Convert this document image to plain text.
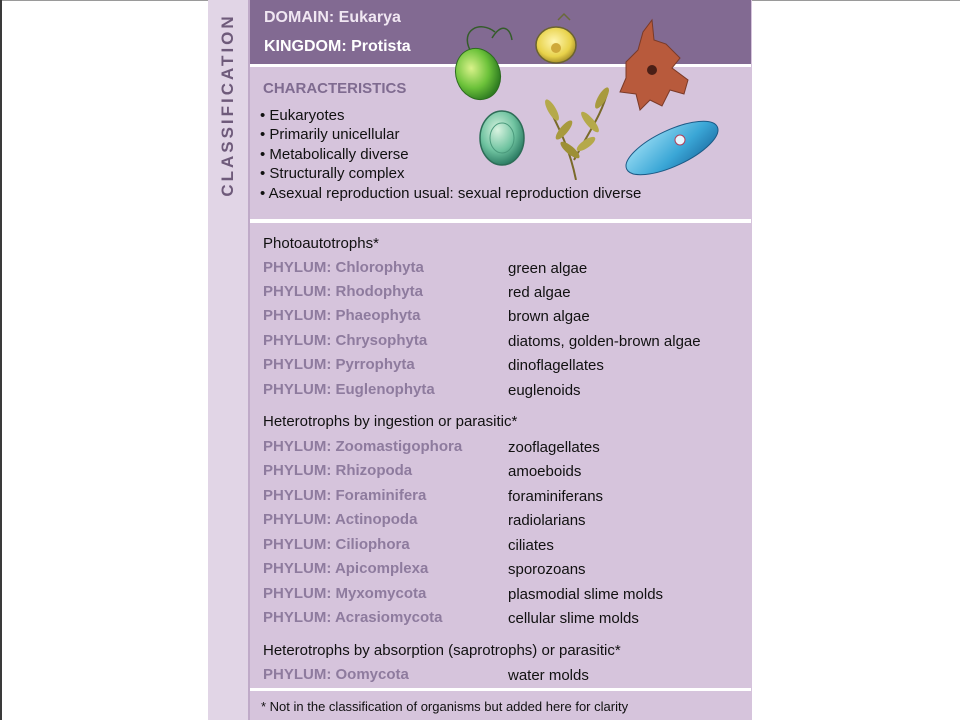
CLASSIFICATION DOMAIN: Eukarya
KINGDOM: Protista
CHARACTERISTICS
• Eukaryotes
• Primarily unicellular
• Metabolically diverse
• Structurally complex
• Asexual reproduction usual: sexual reproduction diverse
Photoautotrophs*
PHYLUM: Chlorophyta	green algae
PHYLUM: Rhodophyta	red algae
PHYLUM: Phaeophyta	brown algae
PHYLUM: Chrysophyta	diatoms, golden-brown algae
PHYLUM: Pyrrophyta	dinoflagellates
PHYLUM: Euglenophyta	euglenoids
Heterotrophs by ingestion or parasitic*
PHYLUM: Zoomastigophora	zooflagellates
PHYLUM: Rhizopoda	amoeboids
PHYLUM: Foraminifera	foraminiferans
PHYLUM: Actinopoda	radiolarians
PHYLUM: Ciliophora	ciliates
PHYLUM: Apicomplexa	sporozoans
PHYLUM: Myxomycota	plasmodial slime molds
PHYLUM: Acrasiomycota	cellular slime molds
Heterotrophs by absorption (saprotrophs) or parasitic*
PHYLUM: Oomycota	water molds
* Not in the classification of organisms but added here for clarity
